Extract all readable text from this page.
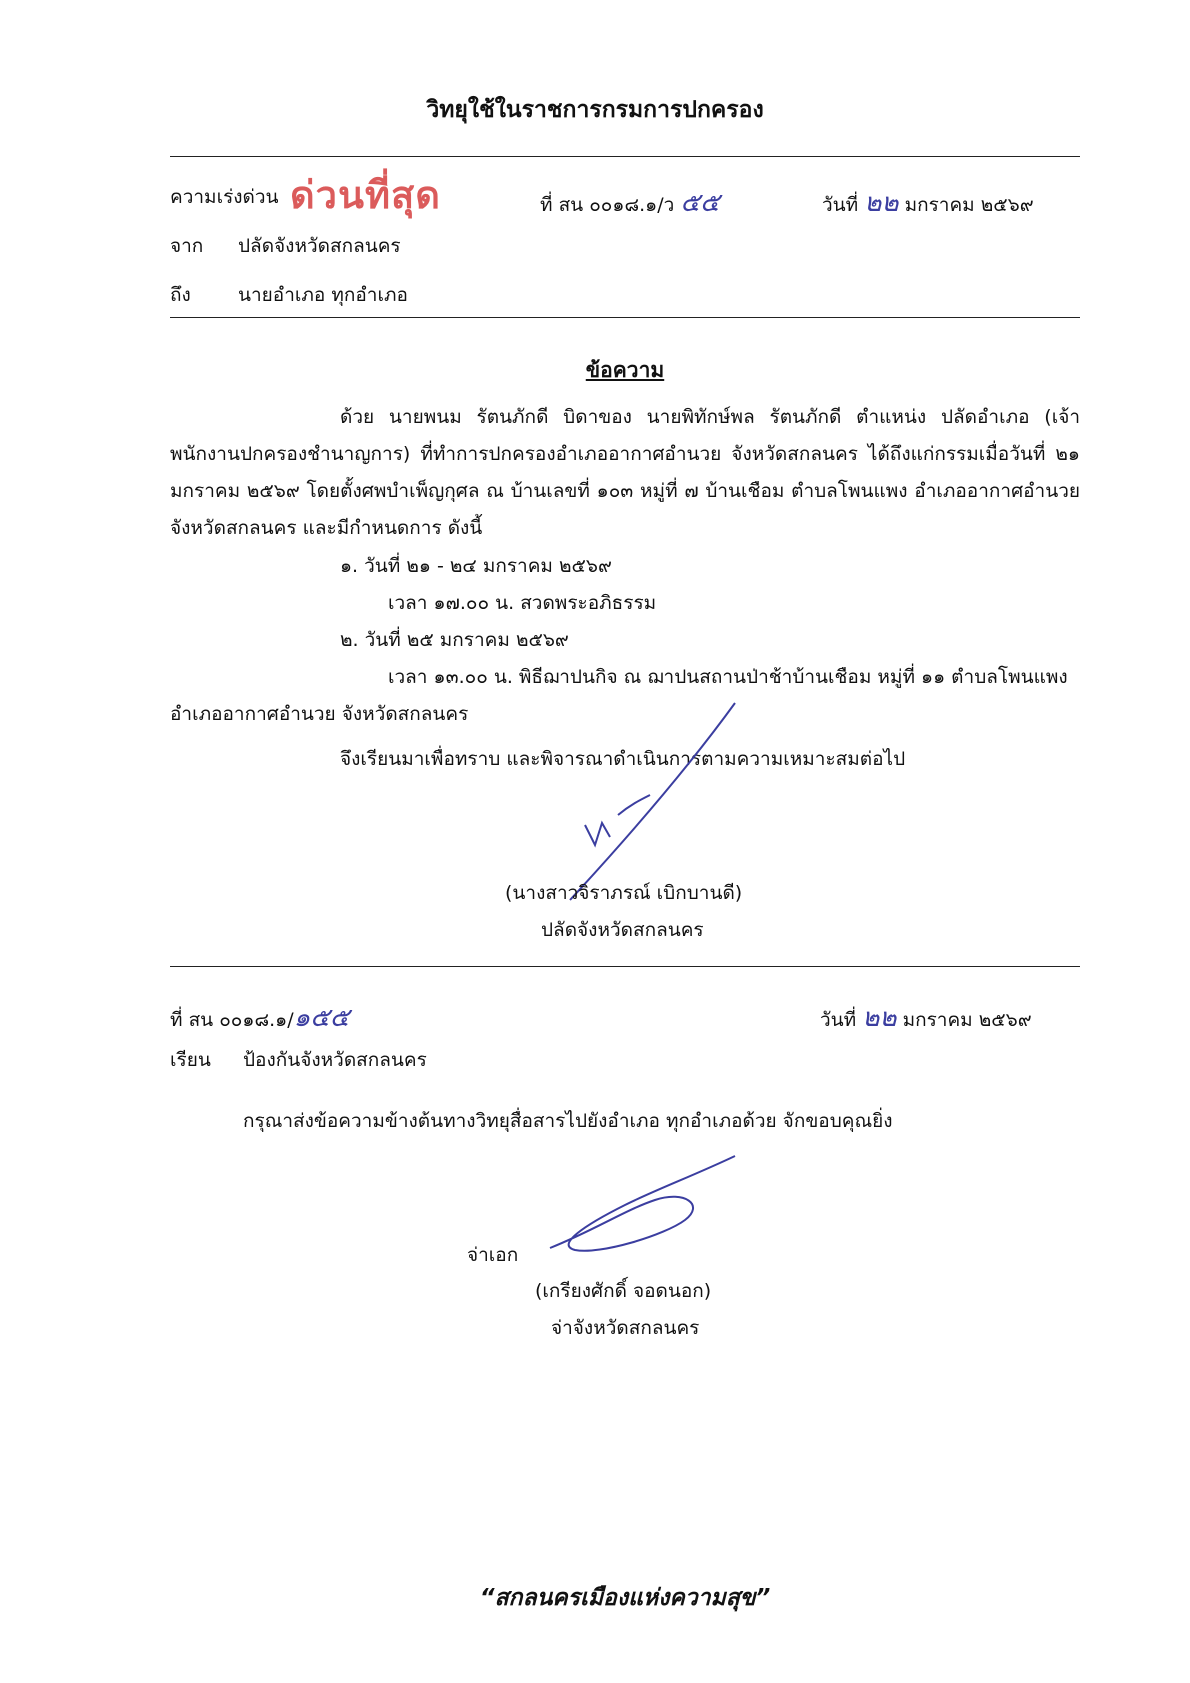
วิทยุใช้ในราชการกรมการปกครอง
ความเร่งด่วน ด่วนที่สุด	ที่ สน ๐๐๑๘.๑/ว ๕๕	วันที่ ๒๒ มกราคม ๒๕๖๙
จาก ปลัดจังหวัดสกลนคร
ถึง นายอำเภอ ทุกอำเภอ
ข้อความ
ด้วย นายพนม รัตนภักดี บิดาของ นายพิทักษ์พล รัตนภักดี ตำแหน่ง ปลัดอำเภอ (เจ้าพนักงานปกครองชำนาญการ) ที่ทำการปกครองอำเภออากาศอำนวย จังหวัดสกลนคร ได้ถึงแก่กรรมเมื่อวันที่ ๒๑ มกราคม ๒๕๖๙ โดยตั้งศพบำเพ็ญกุศล ณ บ้านเลขที่ ๑๐๓ หมู่ที่ ๗ บ้านเชือม ตำบลโพนแพง อำเภออากาศอำนวย จังหวัดสกลนคร และมีกำหนดการ ดังนี้
๑. วันที่ ๒๑ - ๒๔ มกราคม ๒๕๖๙
เวลา ๑๗.๐๐ น. สวดพระอภิธรรม
๒. วันที่ ๒๕ มกราคม ๒๕๖๙
เวลา ๑๓.๐๐ น. พิธีฌาปนกิจ ณ ฌาปนสถานป่าช้าบ้านเชือม หมู่ที่ ๑๑ ตำบลโพนแพง
อำเภออากาศอำนวย จังหวัดสกลนคร
จึงเรียนมาเพื่อทราบ และพิจารณาดำเนินการตามความเหมาะสมต่อไป
(นางสาวจิราภรณ์ เบิกบานดี)
ปลัดจังหวัดสกลนคร
ที่ สน ๐๐๑๘.๑/๑๕๕	วันที่ ๒๒ มกราคม ๒๕๖๙
เรียน ป้องกันจังหวัดสกลนคร
กรุณาส่งข้อความข้างต้นทางวิทยุสื่อสารไปยังอำเภอ ทุกอำเภอด้วย จักขอบคุณยิ่ง
จ่าเอก
(เกรียงศักดิ์ จอดนอก)
จ่าจังหวัดสกลนคร
“สกลนครเมืองแห่งความสุข”
